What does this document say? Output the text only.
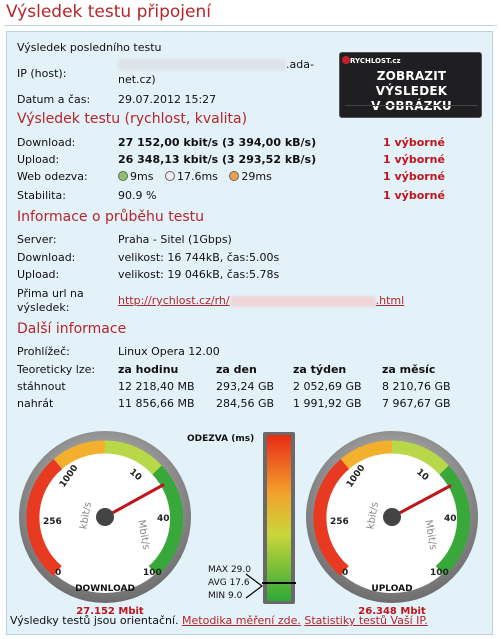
Výsledek testu připojení
Výsledek posledního testu
IP (host):
.ada-
net.cz)
Datum a čas:	29.07.2012 15:27
RYCHLOST.cz
ZOBRAZIT VÝSLEDEK
V OBRÁZKU
Výsledek testu (rychlost, kvalita)
Download:	27 152,00 kbit/s (3 394,00 kB/s)	1 výborné
Upload:	26 348,13 kbit/s (3 293,52 kB/s)	1 výborné
Web odezva:	9ms 17.6ms 29ms	1 výborné
Stabilita:	90.9 %	1 výborné
Informace o průběhu testu
Server:	Praha - Sitel (1Gbps)
Download:	velikost: 16 744kB, čas:5.00s
Upload:	velikost: 19 046kB, čas:5.78s
Přima url na
výsledek:
http://rychlost.cz/rh/	.html
Další informace
Prohlížeč:	Linux Opera 12.00
Teoreticky lze: za hodinu	za den	za týden	za měsíc
stáhnout	12 218,40 MB 293,24 GB 2 052,69 GB 8 210,76 GB
nahrát	11 856,66 MB 284,56 GB 1 991,92 GB 7 967,67 GB
0
256
1000	10
40
100
kbit/s
Mbit/s
DOWNLOAD
27.152 Mbit
ODEZVA (ms)
MAX 29.0
AVG 17.6
MIN 9.0
0
256
1000	10
40
100
kbit/s
Mbit/s
UPLOAD
26.348 Mbit
Výsledky testů jsou orientační. Metodika měření zde. Statistiky testů Vaší IP.
